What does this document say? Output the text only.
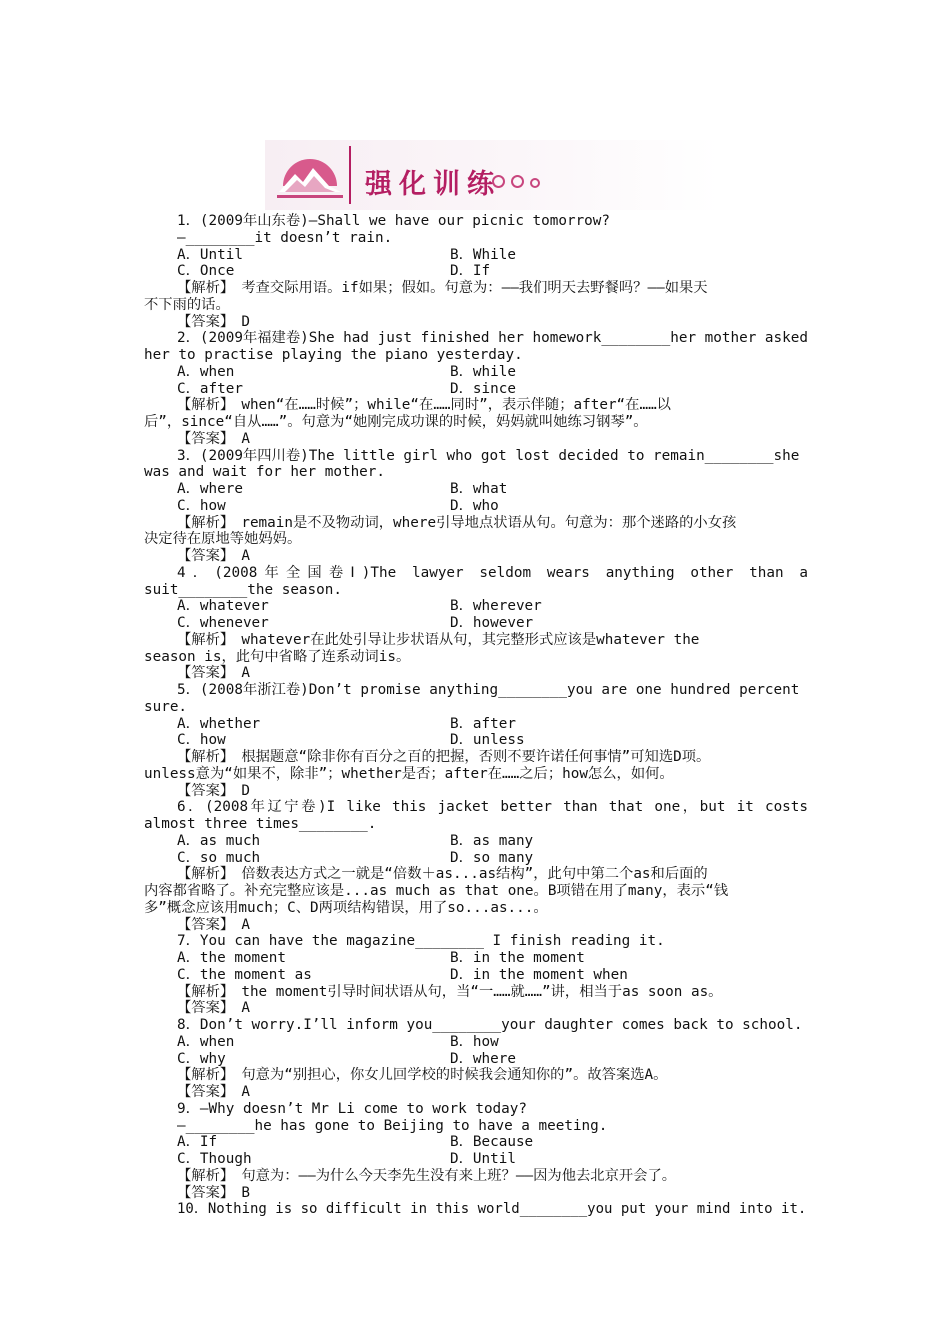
强化训练
1．(2009年山东卷)—Shall we have our picnic tomorrow?
—________it doesn’t rain.
A．Until	B．While
C．Once	D．If
【解析】　考查交际用语。if如果；假如。句意为：——我们明天去野餐吗？——如果天
不下雨的话。
【答案】　D
2．(2009年福建卷)She had just finished her homework________her mother asked
her to practise playing the piano yesterday.
A．when	B．while
C．after	D．since
【解析】　when“在……时候”；while“在……同时”，表示伴随；after“在……以
后”，since“自从……”。句意为“她刚完成功课的时候，妈妈就叫她练习钢琴”。
【答案】　A
3．(2009年四川卷)The little girl who got lost decided to remain________she
was and wait for her mother.
A．where	B．what
C．how	D．who
【解析】　remain是不及物动词，where引导地点状语从句。句意为：那个迷路的小女孩
决定待在原地等她妈妈。
【答案】　A
4．(2008年全国卷Ⅰ)The lawyer seldom wears anything other than a
suit________the season.
A．whatever	B．wherever
C．whenever	D．however
【解析】　whatever在此处引导让步状语从句，其完整形式应该是whatever the
season is，此句中省略了连系动词is。
【答案】　A
5．(2008年浙江卷)Don’t promise anything________you are one hundred percent
sure.
A．whether	B．after
C．how	D．unless
【解析】　根据题意“除非你有百分之百的把握，否则不要许诺任何事情”可知选D项。
unless意为“如果不，除非”；whether是否；after在……之后；how怎么，如何。
【答案】　D
6．(2008年辽宁卷)I like this jacket better than that one，but it costs
almost three times________.
A．as much	B．as many
C．so much	D．so many
【解析】　倍数表达方式之一就是“倍数＋as...as结构”，此句中第二个as和后面的
内容都省略了。补充完整应该是...as much as that one。B项错在用了many，表示“钱
多”概念应该用much；C、D两项结构错误，用了so...as...。
【答案】　A
7．You can have the magazine________ I finish reading it.
A．the moment	B．in the moment
C．the moment as	D．in the moment when
【解析】　the moment引导时间状语从句，当“一……就……”讲，相当于as soon as。
【答案】　A
8．Don’t worry.I’ll inform you________your daughter comes back to school.
A．when	B．how
C．why	D．where
【解析】　句意为“别担心，你女儿回学校的时候我会通知你的”。故答案选A。
【答案】　A
9．—Why doesn’t Mr Li come to work today?
—________he has gone to Beijing to have a meeting.
A．If	B．Because
C．Though	D．Until
【解析】　句意为：——为什么今天李先生没有来上班？——因为他去北京开会了。
【答案】　B
10．Nothing is so difficult in this world________you put your mind into it.
